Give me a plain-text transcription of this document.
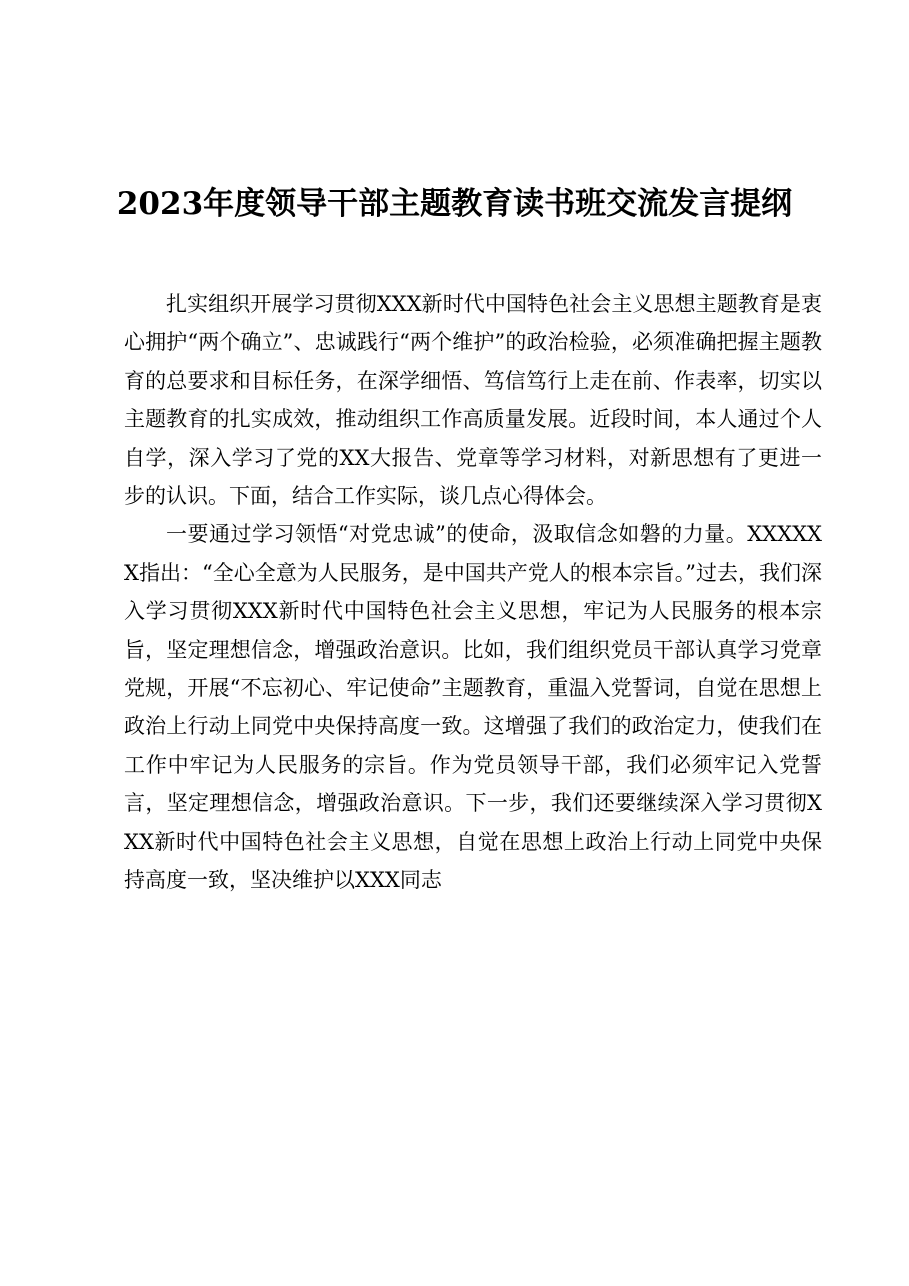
2023年度领导干部主题教育读书班交流发言提纲

扎实组织开展学习贯彻XXX新时代中国特色社会主义思想主题教育是衷心拥护“两个确立”、忠诚践行“两个维护”的政治检验，必须准确把握主题教育的总要求和目标任务，在深学细悟、笃信笃行上走在前、作表率，切实以主题教育的扎实成效，推动组织工作高质量发展。近段时间，本人通过个人自学，深入学习了党的XX大报告、党章等学习材料，对新思想有了更进一步的认识。下面，结合工作实际，谈几点心得体会。

一要通过学习领悟“对党忠诚”的使命，汲取信念如磐的力量。XXXXXX指出：“全心全意为人民服务，是中国共产党人的根本宗旨。”过去，我们深入学习贯彻XXX新时代中国特色社会主义思想，牢记为人民服务的根本宗旨，坚定理想信念，增强政治意识。比如，我们组织党员干部认真学习党章党规，开展“不忘初心、牢记使命”主题教育，重温入党誓词，自觉在思想上政治上行动上同党中央保持高度一致。这增强了我们的政治定力，使我们在工作中牢记为人民服务的宗旨。作为党员领导干部，我们必须牢记入党誓言，坚定理想信念，增强政治意识。下一步，我们还要继续深入学习贯彻XXX新时代中国特色社会主义思想，自觉在思想上政治上行动上同党中央保持高度一致，坚决维护以XXX同志
